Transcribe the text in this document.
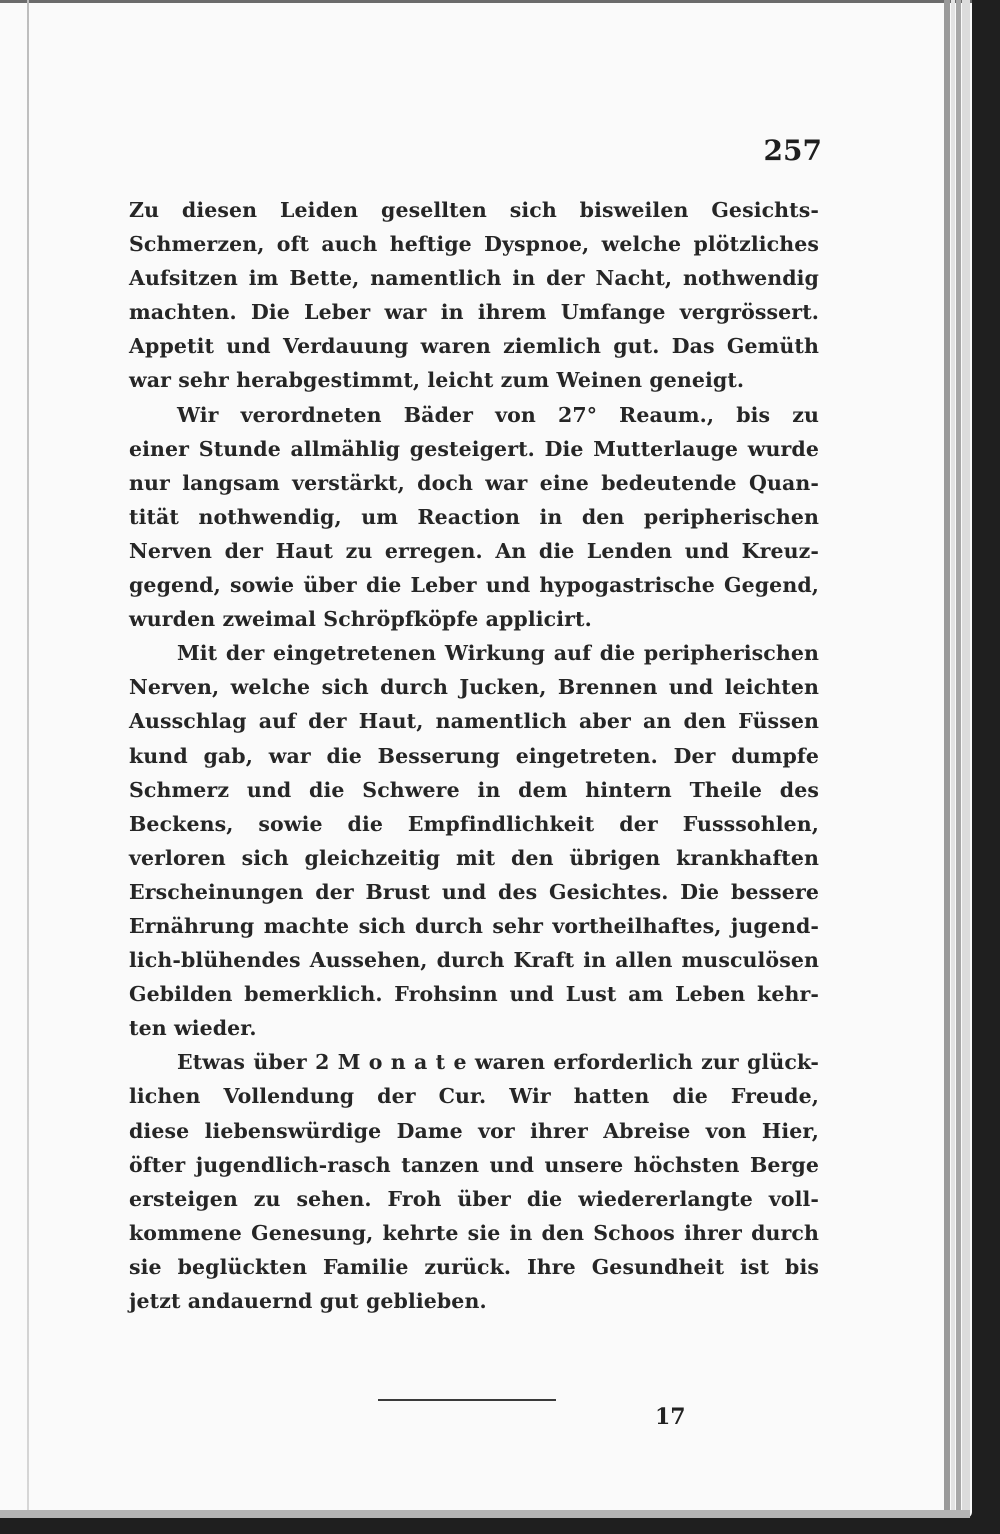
257
Zu diesen Leiden gesellten sich bisweilen Gesichts-
Schmerzen, oft auch heftige Dyspnoe, welche plötzliches
Aufsitzen im Bette, namentlich in der Nacht, nothwendig
machten. Die Leber war in ihrem Umfange vergrössert.
Appetit und Verdauung waren ziemlich gut. Das Gemüth
war sehr herabgestimmt, leicht zum Weinen geneigt.
Wir verordneten Bäder von 27° Reaum., bis zu
einer Stunde allmählig gesteigert. Die Mutterlauge wurde
nur langsam verstärkt, doch war eine bedeutende Quan-
tität nothwendig, um Reaction in den peripherischen
Nerven der Haut zu erregen. An die Lenden und Kreuz-
gegend, sowie über die Leber und hypogastrische Gegend,
wurden zweimal Schröpfköpfe applicirt.
Mit der eingetretenen Wirkung auf die peripherischen
Nerven, welche sich durch Jucken, Brennen und leichten
Ausschlag auf der Haut, namentlich aber an den Füssen
kund gab, war die Besserung eingetreten. Der dumpfe
Schmerz und die Schwere in dem hintern Theile des
Beckens, sowie die Empfindlichkeit der Fusssohlen,
verloren sich gleichzeitig mit den übrigen krankhaften
Erscheinungen der Brust und des Gesichtes. Die bessere
Ernährung machte sich durch sehr vortheilhaftes, jugend-
lich-blühendes Aussehen, durch Kraft in allen musculösen
Gebilden bemerklich. Frohsinn und Lust am Leben kehr-
ten wieder.
Etwas über 2 M o n a t e waren erforderlich zur glück-
lichen Vollendung der Cur. Wir hatten die Freude,
diese liebenswürdige Dame vor ihrer Abreise von Hier,
öfter jugendlich-rasch tanzen und unsere höchsten Berge
ersteigen zu sehen. Froh über die wiedererlangte voll-
kommene Genesung, kehrte sie in den Schoos ihrer durch
sie beglückten Familie zurück. Ihre Gesundheit ist bis
jetzt andauernd gut geblieben.
17
